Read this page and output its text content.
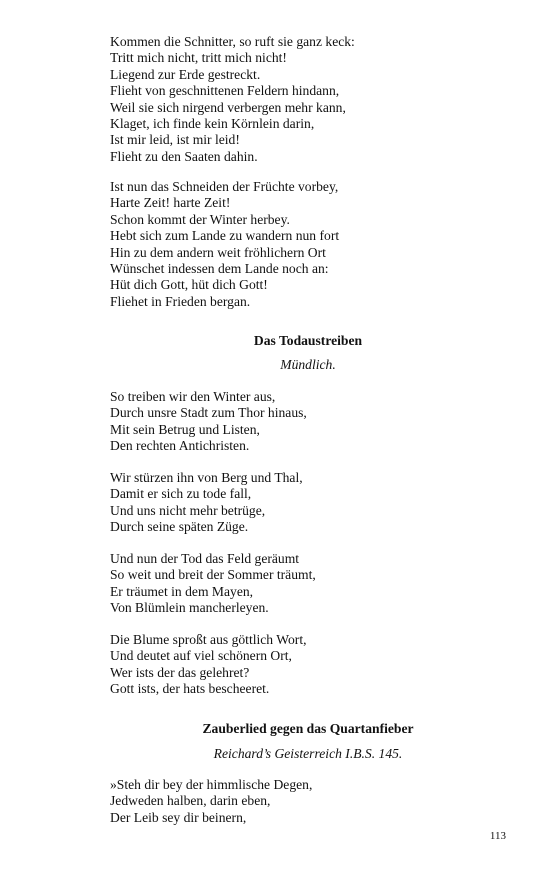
Kommen die Schnitter, so ruft sie ganz keck:
Tritt mich nicht, tritt mich nicht!
Liegend zur Erde gestreckt.
Flieht von geschnittenen Feldern hindann,
Weil sie sich nirgend verbergen mehr kann,
Klaget, ich finde kein Körnlein darin,
Ist mir leid, ist mir leid!
Flieht zu den Saaten dahin.
Ist nun das Schneiden der Früchte vorbey,
Harte Zeit! harte Zeit!
Schon kommt der Winter herbey.
Hebt sich zum Lande zu wandern nun fort
Hin zu dem andern weit fröhlichern Ort
Wünschet indessen dem Lande noch an:
Hüt dich Gott, hüt dich Gott!
Fliehet in Frieden bergan.

Das Todaustreiben

Mündlich.

So treiben wir den Winter aus,
Durch unsre Stadt zum Thor hinaus,
Mit sein Betrug und Listen,
Den rechten Antichristen.
Wir stürzen ihn von Berg und Thal,
Damit er sich zu tode fall,
Und uns nicht mehr betrüge,
Durch seine späten Züge.
Und nun der Tod das Feld geräumt
So weit und breit der Sommer träumt,
Er träumet in dem Mayen,
Von Blümlein mancherleyen.
Die Blume sproßt aus göttlich Wort,
Und deutet auf viel schönern Ort,
Wer ists der das gelehret?
Gott ists, der hats bescheeret.

Zauberlied gegen das Quartanfieber

Reichard’s Geisterreich I.B.S. 145.

»Steh dir bey der himmlische Degen,
Jedweden halben, darin eben,
Der Leib sey dir beinern,
113
